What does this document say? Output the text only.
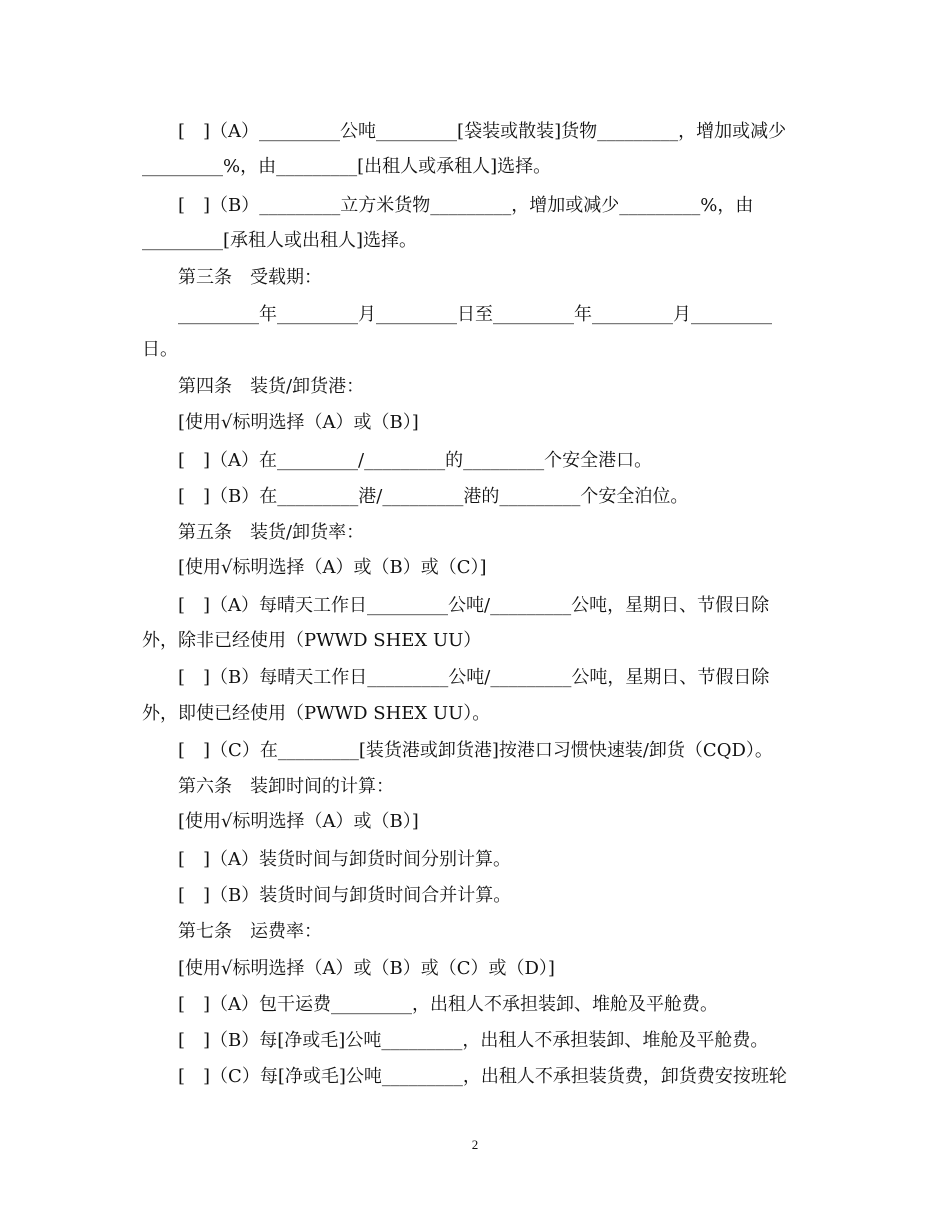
[　]（A）_________公吨_________[袋装或散装]货物_________，增加或减少
_________%，由_________[出租人或承租人]选择。
[　]（B）_________立方米货物_________，增加或减少_________%，由
_________[承租人或出租人]选择。
第三条　受载期：
_________年_________月_________日至_________年_________月_________
日。
第四条　装货/卸货港：
[使用√标明选择（A）或（B）]
[　]（A）在_________/_________的_________个安全港口。
[　]（B）在_________港/_________港的_________个安全泊位。
第五条　装货/卸货率：
[使用√标明选择（A）或（B）或（C）]
[　]（A）每晴天工作日_________公吨/_________公吨，星期日、节假日除
外，除非已经使用（PWWD SHEX UU）
[　]（B）每晴天工作日_________公吨/_________公吨，星期日、节假日除
外，即使已经使用（PWWD SHEX UU）。
[　]（C）在_________[装货港或卸货港]按港口习惯快速装/卸货（CQD）。
第六条　装卸时间的计算：
[使用√标明选择（A）或（B）]
[　]（A）装货时间与卸货时间分别计算。
[　]（B）装货时间与卸货时间合并计算。
第七条　运费率：
[使用√标明选择（A）或（B）或（C）或（D）]
[　]（A）包干运费_________，出租人不承担装卸、堆舱及平舱费。
[　]（B）每[净或毛]公吨_________，出租人不承担装卸、堆舱及平舱费。
[　]（C）每[净或毛]公吨_________，出租人不承担装货费，卸货费安按班轮
2
